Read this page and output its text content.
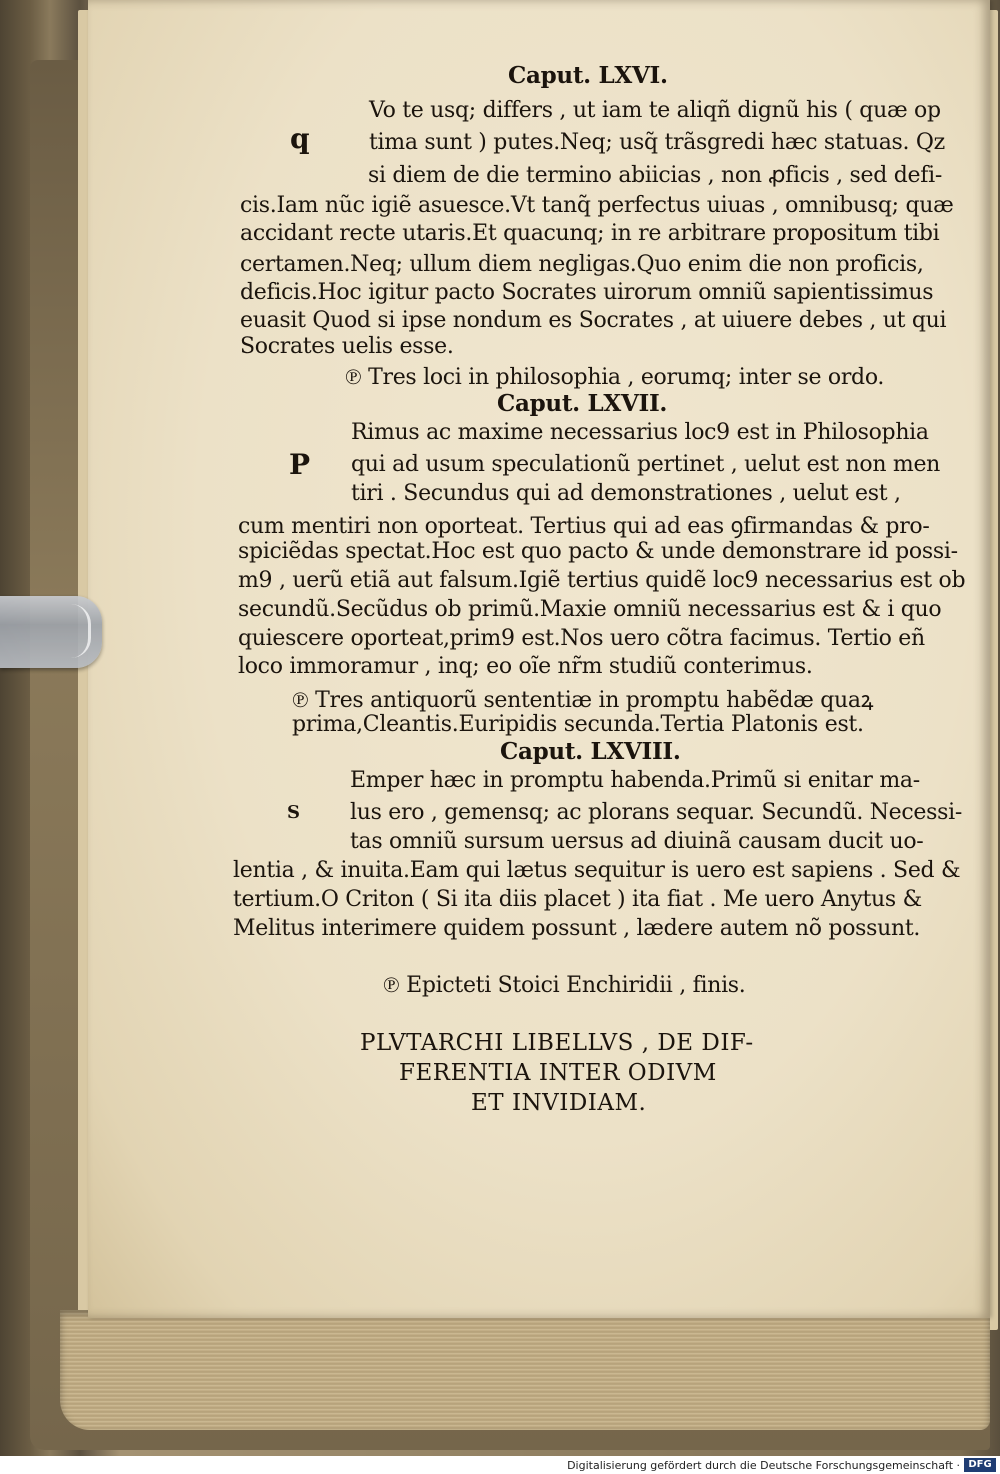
Caput. LXVI.
Vo te usq; differs , ut iam te aliqñ dignũ his ( quæ op
q	tima sunt ) putes.Neq; usq̃ trãsgredi hæc statuas. Qz
si diem de die termino abiicias , non ꝓficis , sed defi-
cis.Iam nũc igiẽ asuesce.Vt tanq̃ perfectus uiuas , omnibusq; quæ
accidant recte utaris.Et quacunq; in re arbitrare propositum tibi
certamen.Neq; ullum diem negligas.Quo enim die non proficis,
deficis.Hoc igitur pacto Socrates uirorum omniũ sapientissimus
euasit Quod si ipse nondum es Socrates , at uiuere debes , ut qui
Socrates uelis esse.
℗ Tres loci in philosophia , eorumq; inter se ordo.
Caput. LXVII.
Rimus ac maxime necessarius loc9 est in Philosophia
P qui ad usum speculationũ pertinet , uelut est non men
tiri . Secundus qui ad demonstrationes , uelut est ,
cum mentiri non oporteat. Tertius qui ad eas ꝯfirmandas & pro-
spiciẽdas spectat.Hoc est quo pacto & unde demonstrare id possi-
m9 , uerũ etiã aut falsum.Igiẽ tertius quidẽ loc9 necessarius est ob
secundũ.Secũdus ob primũ.Maxie omniũ necessarius est & i quo
quiescere oporteat,prim9 est.Nos uero cõtra facimus. Tertio eñ
loco immoramur , inq; eo oĩe nr̃m studiũ conterimus.
℗ Tres antiquorũ sententiæ in promptu habẽdæ quaꝝ
prima,Cleantis.Euripidis secunda.Tertia Platonis est.
Caput. LXVIII.
Emper hæc in promptu habenda.Primũ si enitar ma-
S lus ero , gemensq; ac plorans sequar. Secundũ. Necessi-
tas omniũ sursum uersus ad diuinã causam ducit uo-
lentia , & inuita.Eam qui lætus sequitur is uero est sapiens . Sed &
tertium.O Criton ( Si ita diis placet ) ita fiat . Me uero Anytus &
Melitus interimere quidem possunt , lædere autem nõ possunt.
℗ Epicteti Stoici Enchiridii , finis.
PLVTARCHI LIBELLVS , DE DIF-
FERENTIA INTER ODIVM
ET INVIDIAM.
Digitalisierung gefördert durch die Deutsche Forschungsgemeinschaft · DFG
